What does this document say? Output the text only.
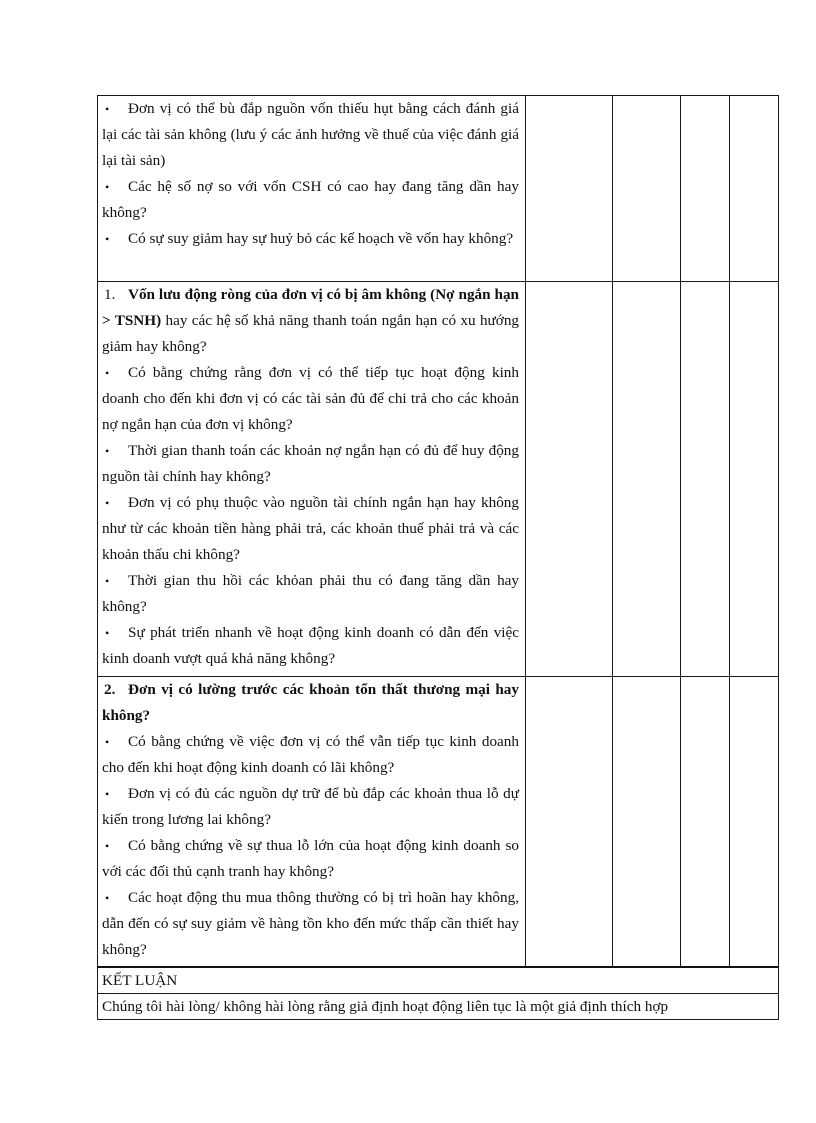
• Đơn vị có thể bù đắp nguồn vốn thiếu hụt bằng cách đánh giá lại các tài sản không (lưu ý các ảnh hưởng về thuế của việc đánh giá lại tài sản)

• Các hệ số nợ so với vốn CSH có cao hay đang tăng dần hay không?

• Có sự suy giảm hay sự huỷ bỏ các kế hoạch về vốn hay không?				

1. Vốn lưu động ròng của đơn vị có bị âm không (Nợ ngắn hạn > TSNH) hay các hệ số khả năng thanh toán ngắn hạn có xu hướng giảm hay không?

• Có bằng chứng rằng đơn vị có thể tiếp tục hoạt động kinh doanh cho đến khi đơn vị có các tài sản đủ để chi trả cho các khoản nợ ngắn hạn của đơn vị không?

• Thời gian thanh toán các khoản nợ ngắn hạn có đủ để huy động nguồn tài chính hay không?

• Đơn vị có phụ thuộc vào nguồn tài chính ngắn hạn hay không như từ các khoản tiền hàng phải trả, các khoản thuế phải trả và các khoản thấu chi không?

• Thời gian thu hồi các khỏan phải thu có đang tăng dần hay không?

• Sự phát triển nhanh về hoạt động kinh doanh có dẫn đến việc kinh doanh vượt quá khả năng không?

2. Đơn vị có lường trước các khoản tổn thất thương mại hay không?

• Có bằng chứng về việc đơn vị có thể vẫn tiếp tục kinh doanh cho đến khi hoạt động kinh doanh có lãi không?

• Đơn vị có đủ các nguồn dự trữ để bù đắp các khoản thua lỗ dự kiến trong lương lai không?

• Có bằng chứng về sự thua lỗ lớn của hoạt động kinh doanh so với các đối thủ cạnh tranh hay không?

• Các hoạt động thu mua thông thường có bị trì hoãn hay không, dẫn đến có sự suy giảm về hàng tồn kho đến mức thấp cần thiết hay không?				

KẾT LUẬN				
Chúng tôi hài lòng/ không hài lòng rằng giả định hoạt động liên tục là một giả định thích hợp				
